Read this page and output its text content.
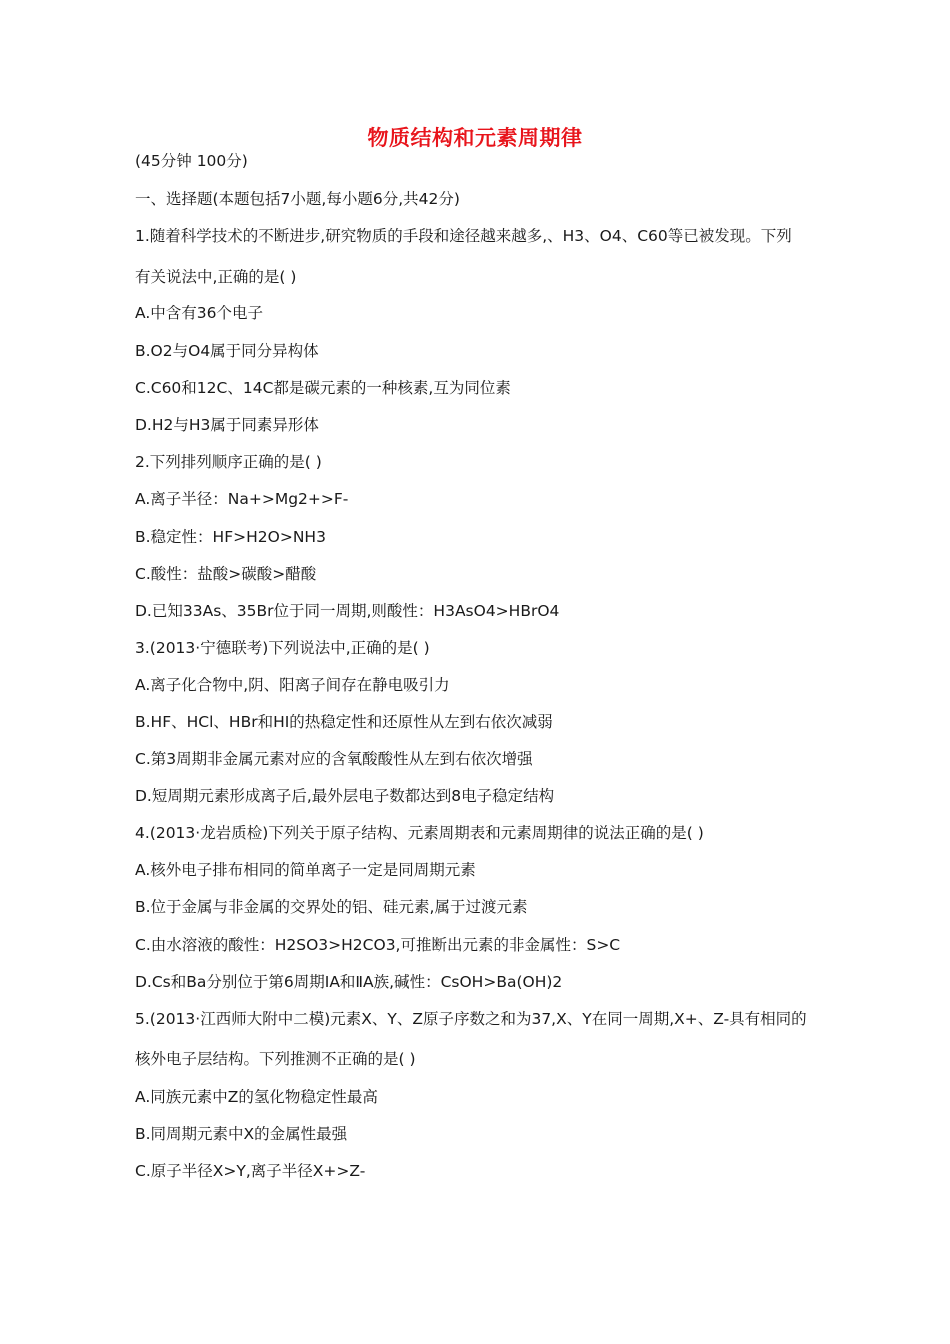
物质结构和元素周期律
(45分钟 100分)
一、选择题(本题包括7小题,每小题6分,共42分)
1.随着科学技术的不断进步,研究物质的手段和途径越来越多,、H3、O4、C60等已被发现。下列
有关说法中,正确的是( )
A.中含有36个电子
B.O2与O4属于同分异构体
C.C60和12C、14C都是碳元素的一种核素,互为同位素
D.H2与H3属于同素异形体
2.下列排列顺序正确的是( )
A.离子半径：Na+>Mg2+>F-
B.稳定性：HF>H2O>NH3
C.酸性：盐酸>碳酸>醋酸
D.已知33As、35Br位于同一周期,则酸性：H3AsO4>HBrO4
3.(2013·宁德联考)下列说法中,正确的是( )
A.离子化合物中,阴、阳离子间存在静电吸引力
B.HF、HCl、HBr和HI的热稳定性和还原性从左到右依次减弱
C.第3周期非金属元素对应的含氧酸酸性从左到右依次增强
D.短周期元素形成离子后,最外层电子数都达到8电子稳定结构
4.(2013·龙岩质检)下列关于原子结构、元素周期表和元素周期律的说法正确的是( )
A.核外电子排布相同的简单离子一定是同周期元素
B.位于金属与非金属的交界处的铝、硅元素,属于过渡元素
C.由水溶液的酸性：H2SO3>H2CO3,可推断出元素的非金属性：S>C
D.Cs和Ba分别位于第6周期ⅠA和ⅡA族,碱性：CsOH>Ba(OH)2
5.(2013·江西师大附中二模)元素X、Y、Z原子序数之和为37,X、Y在同一周期,X+、Z-具有相同的
核外电子层结构。下列推测不正确的是( )
A.同族元素中Z的氢化物稳定性最高
B.同周期元素中X的金属性最强
C.原子半径X>Y,离子半径X+>Z-
